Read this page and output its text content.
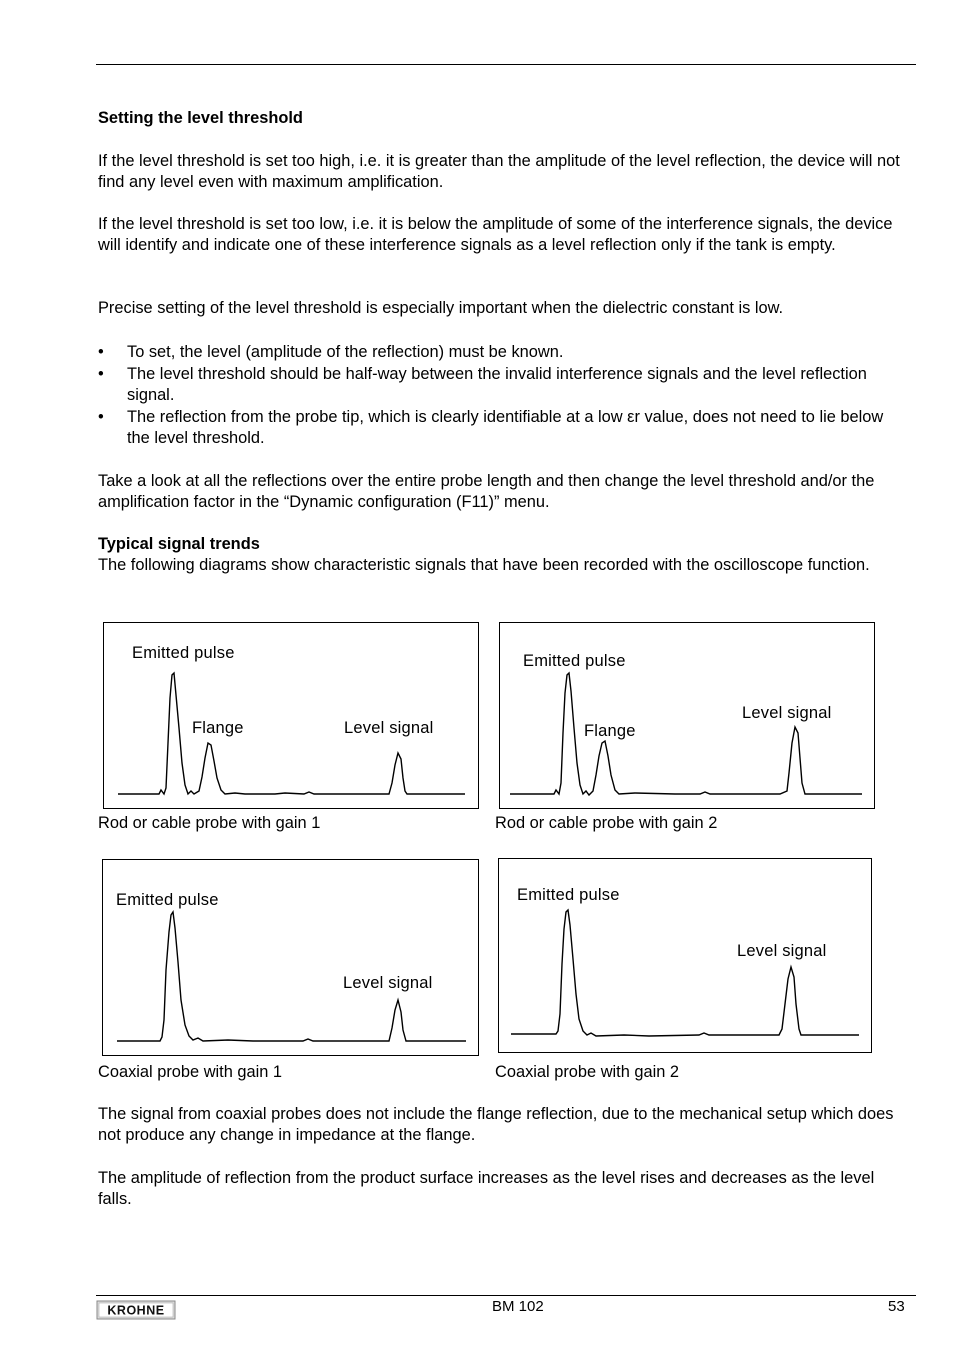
Setting the level threshold
If the level threshold is set too high, i.e. it is greater than the amplitude of the level reflection, the device will not find any level even with maximum amplification.
If the level threshold is set too low, i.e. it is below the amplitude of some of the interference signals, the device will identify and indicate one of these interference signals as a level reflection only if the tank is empty.
Precise setting of the level threshold is especially important when the dielectric constant is low.
• To set, the level (amplitude of the reflection) must be known.
• The level threshold should be half-way between the invalid interference signals and the level reflection signal.
• The reflection from the probe tip, which is clearly identifiable at a low εr value, does not need to lie below the level threshold.
Take a look at all the reflections over the entire probe length and then change the level threshold and/or the amplification factor in the “Dynamic configuration (F11)” menu.
Typical signal trends
The following diagrams show characteristic signals that have been recorded with the oscilloscope function.
Emitted pulse
Flange	Level signal
Rod or cable probe with gain 1
Emitted pulse
Flange
Level signal
Rod or cable probe with gain 2
Emitted pulse
Level signal
Coaxial probe with gain 1
Emitted pulse
Level signal
Coaxial probe with gain 2
The signal from coaxial probes does not include the flange reflection, due to the mechanical setup which does not produce any change in impedance at the flange.
The amplitude of reflection from the product surface increases as the level rises and decreases as the level falls.
KROHNE	BM 102	53
